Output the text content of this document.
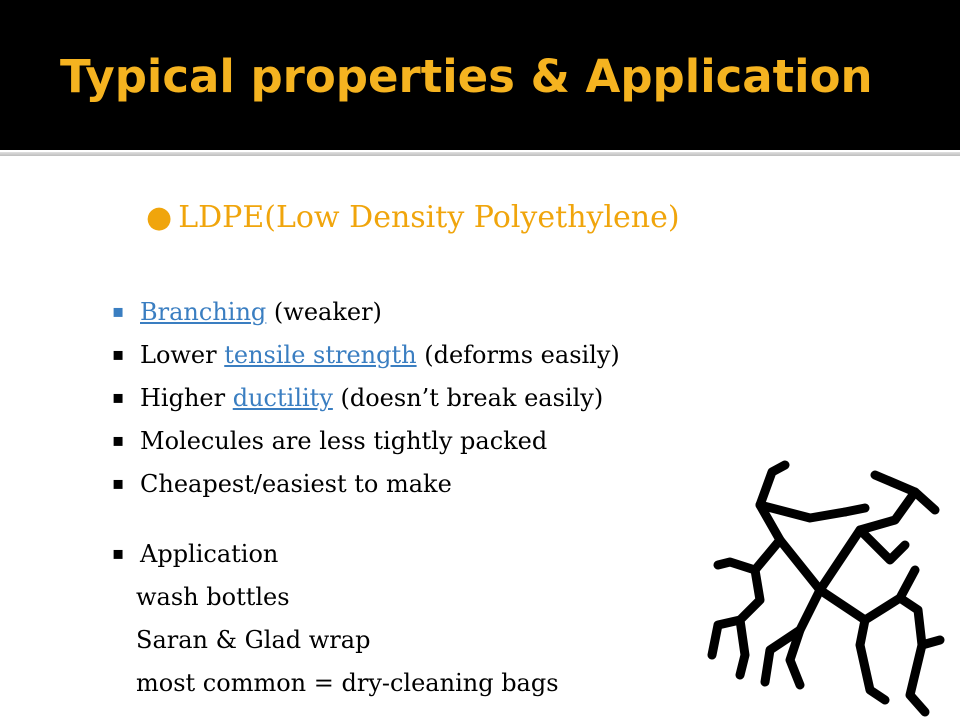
Typical properties & Application
● LDPE(Low Density Polyethylene)
▪ Branching (weaker)
▪ Lower tensile strength (deforms easily)
▪ Higher ductility (doesn’t break easily)
▪ Molecules are less tightly packed
▪ Cheapest/easiest to make
▪ Application
wash bottles
Saran & Glad wrap
most common = dry-cleaning bags
